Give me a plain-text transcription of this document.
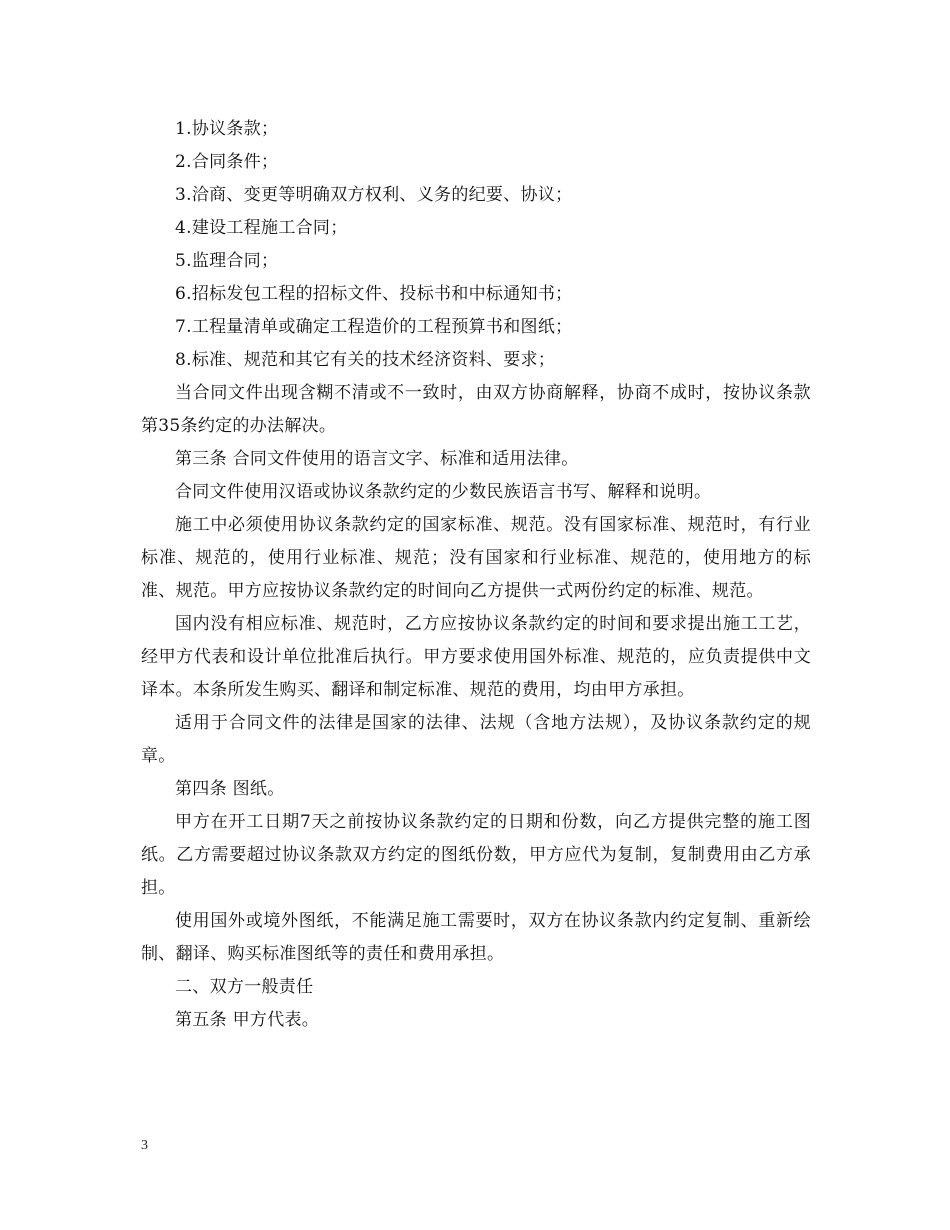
1.协议条款；

2.合同条件；

3.洽商、变更等明确双方权利、义务的纪要、协议；

4.建设工程施工合同；

5.监理合同；

6.招标发包工程的招标文件、投标书和中标通知书；

7.工程量清单或确定工程造价的工程预算书和图纸；

8.标准、规范和其它有关的技术经济资料、要求；

当合同文件出现含糊不清或不一致时，由双方协商解释，协商不成时，按协议条款第35条约定的办法解决。

第三条 合同文件使用的语言文字、标准和适用法律。

合同文件使用汉语或协议条款约定的少数民族语言书写、解释和说明。

施工中必须使用协议条款约定的国家标准、规范。没有国家标准、规范时，有行业标准、规范的，使用行业标准、规范；没有国家和行业标准、规范的，使用地方的标准、规范。甲方应按协议条款约定的时间向乙方提供一式两份约定的标准、规范。

国内没有相应标准、规范时，乙方应按协议条款约定的时间和要求提出施工工艺，经甲方代表和设计单位批准后执行。甲方要求使用国外标准、规范的，应负责提供中文译本。本条所发生购买、翻译和制定标准、规范的费用，均由甲方承担。

适用于合同文件的法律是国家的法律、法规（含地方法规），及协议条款约定的规章。

第四条 图纸。

甲方在开工日期7天之前按协议条款约定的日期和份数，向乙方提供完整的施工图纸。乙方需要超过协议条款双方约定的图纸份数，甲方应代为复制，复制费用由乙方承担。

使用国外或境外图纸，不能满足施工需要时，双方在协议条款内约定复制、重新绘制、翻译、购买标准图纸等的责任和费用承担。

二、双方一般责任

第五条 甲方代表。

3
